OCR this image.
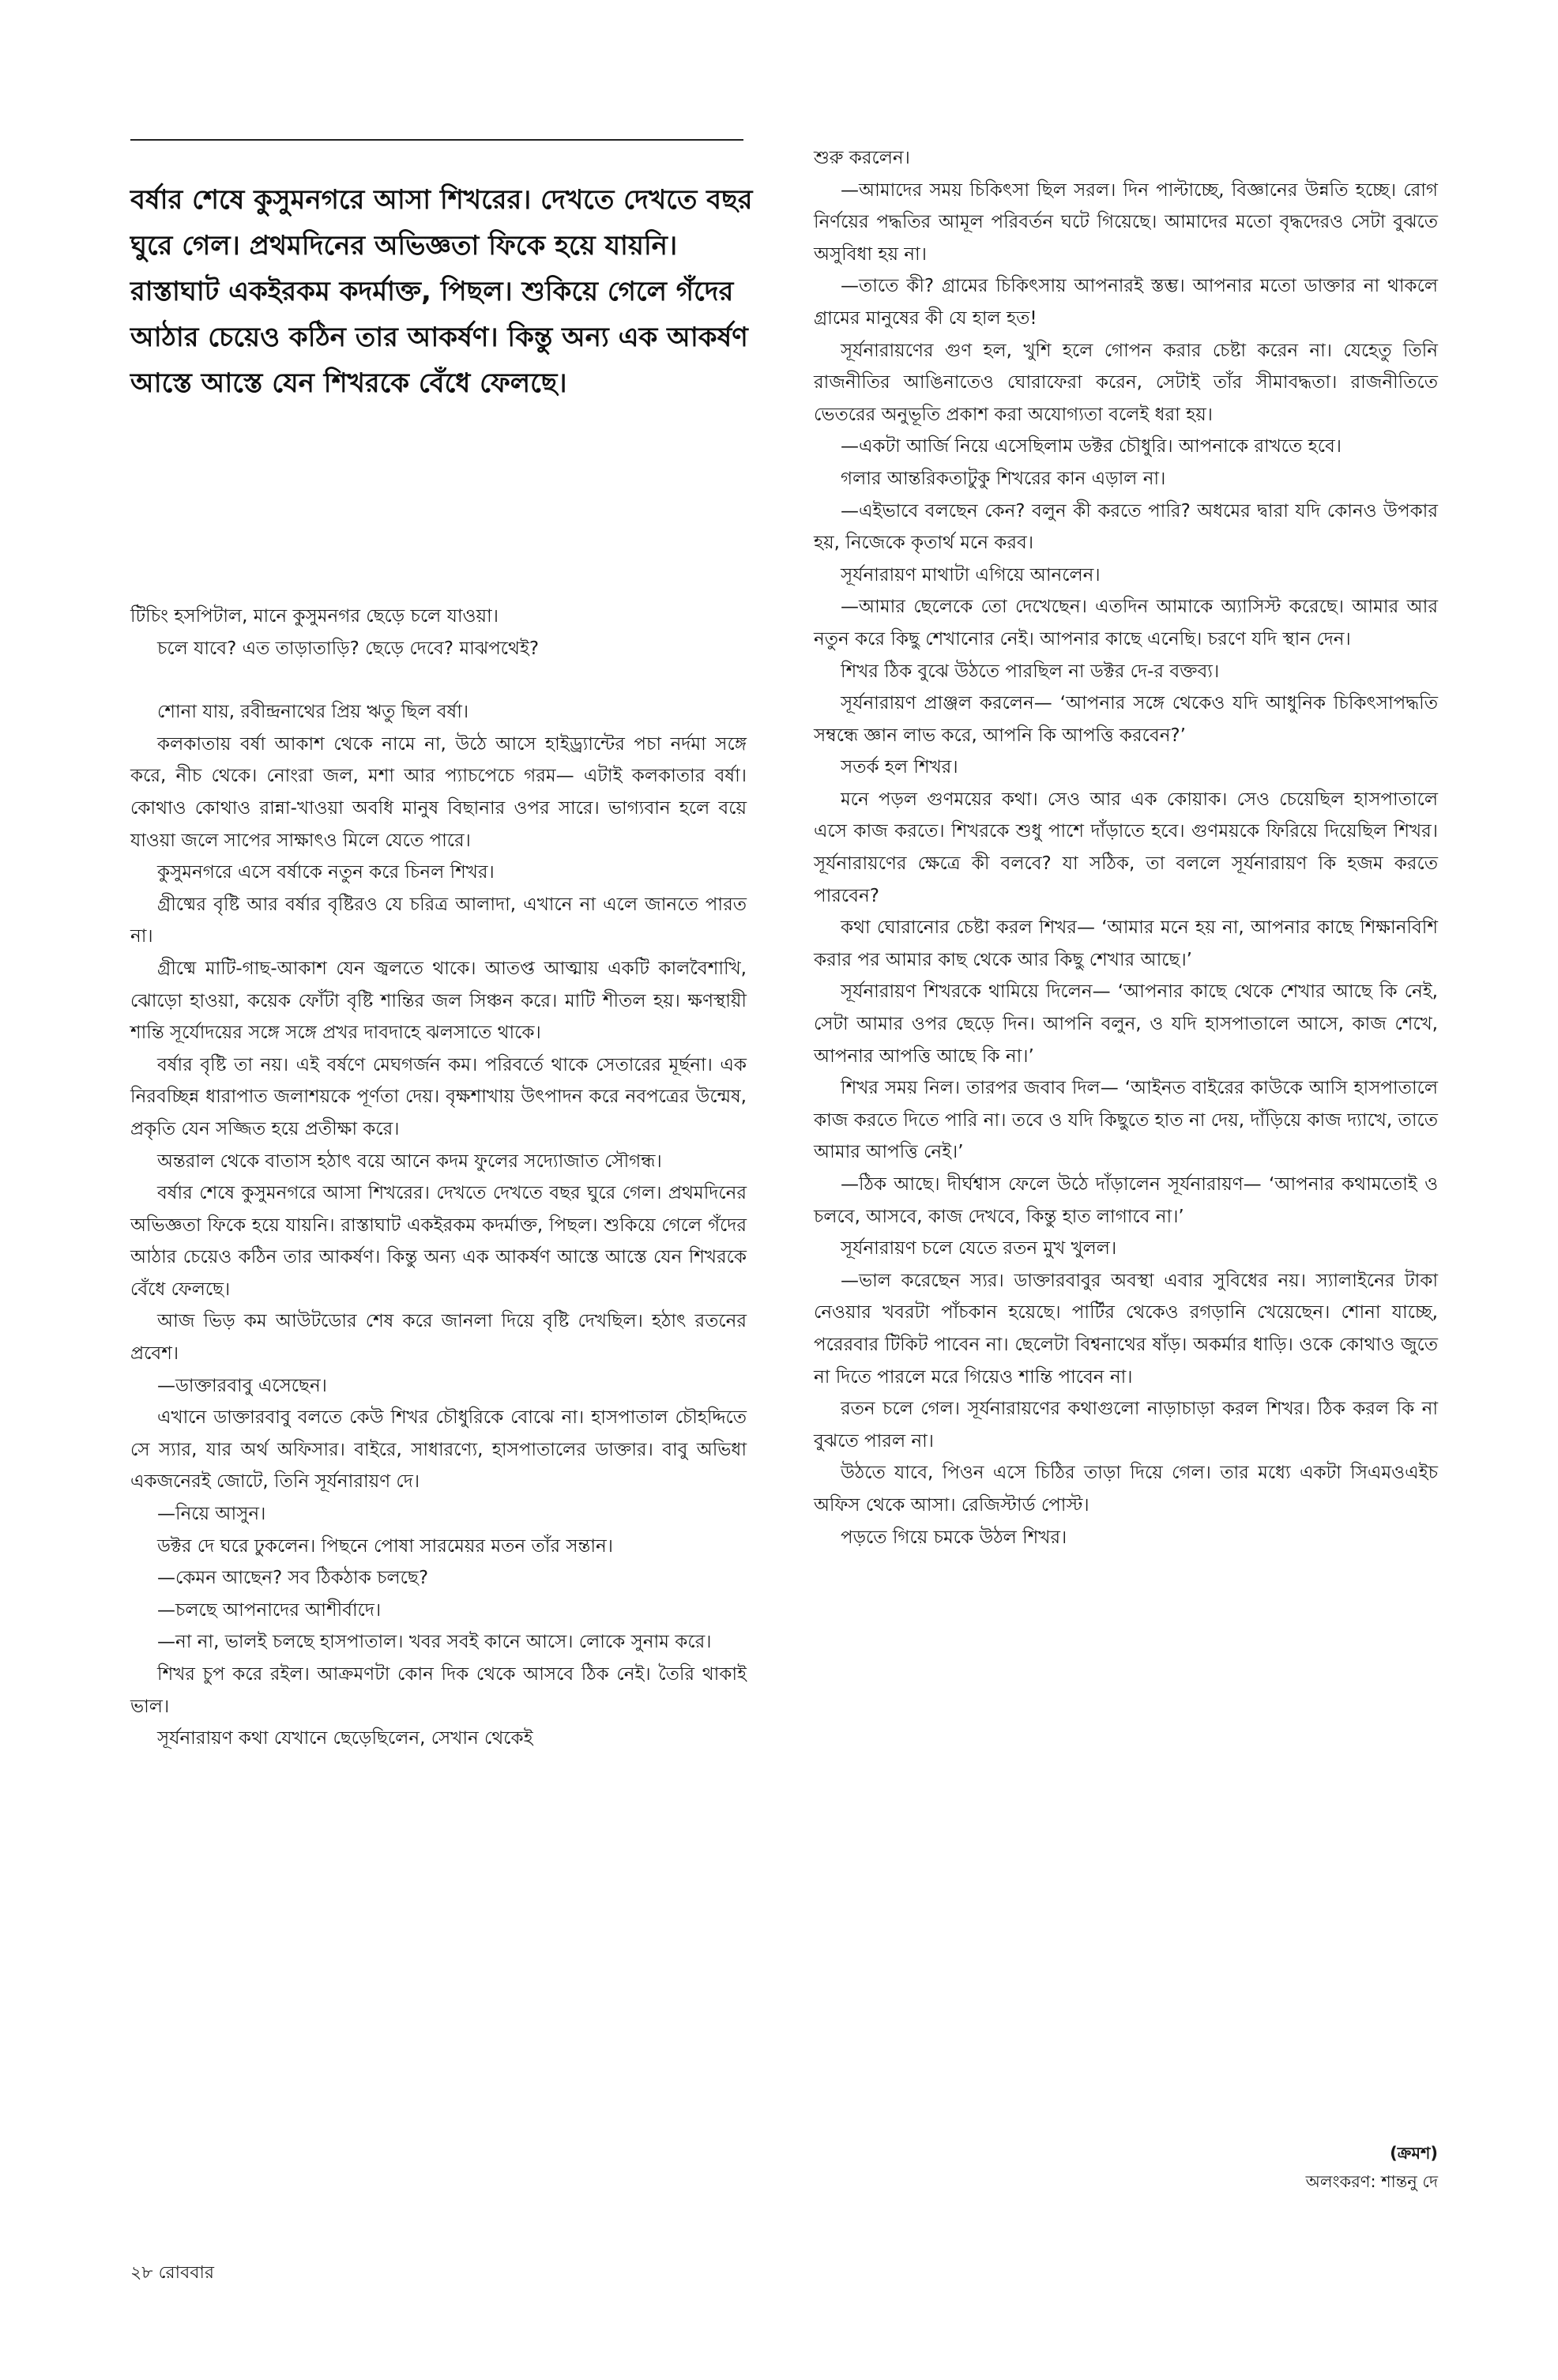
বর্ষার শেষে কুসুমনগরে আসা শিখরের। দেখতে দেখতে বছর ঘুরে গেল। প্রথমদিনের অভিজ্ঞতা ফিকে হয়ে যায়নি। রাস্তাঘাট একইরকম কদর্মাক্ত, পিছল। শুকিয়ে গেলে গঁদের আঠার চেয়েও কঠিন তার আকর্ষণ। কিন্তু অন্য এক আকর্ষণ আস্তে আস্তে যেন শিখরকে বেঁধে ফেলছে।

টিচিং হসপিটাল, মানে কুসুমনগর ছেড়ে চলে যাওয়া।

চলে যাবে? এত তাড়াতাড়ি? ছেড়ে দেবে? মাঝপথেই?

শোনা যায়, রবীন্দ্রনাথের প্রিয় ঋতু ছিল বর্ষা।

কলকাতায় বর্ষা আকাশ থেকে নামে না, উঠে আসে হাইড্র্যান্টের পচা নর্দমা সঙ্গে করে, নীচ থেকে। নোংরা জল, মশা আর প্যাচপেচে গরম— এটাই কলকাতার বর্ষা। কোথাও কোথাও রান্না-খাওয়া অবধি মানুষ বিছানার ওপর সারে। ভাগ্যবান হলে বয়ে যাওয়া জলে সাপের সাক্ষাৎও মিলে যেতে পারে।

কুসুমনগরে এসে বর্ষাকে নতুন করে চিনল শিখর।

গ্রীষ্মের বৃষ্টি আর বর্ষার বৃষ্টিরও যে চরিত্র আলাদা, এখানে না এলে জানতে পারত না।

গ্রীষ্মে মাটি-গাছ-আকাশ যেন জ্বলতে থাকে। আতপ্ত আত্মায় একটি কালবৈশাখি, ঝোড়ো হাওয়া, কয়েক ফোঁটা বৃষ্টি শান্তির জল সিঞ্চন করে। মাটি শীতল হয়। ক্ষণস্থায়ী শান্তি সূর্যোদয়ের সঙ্গে সঙ্গে প্রখর দাবদাহে ঝলসাতে থাকে।

বর্ষার বৃষ্টি তা নয়। এই বর্ষণে মেঘগর্জন কম। পরিবর্তে থাকে সেতারের মূর্ছনা। এক নিরবচ্ছিন্ন ধারাপাত জলাশয়কে পূর্ণতা দেয়। বৃক্ষশাখায় উৎপাদন করে নবপত্রের উন্মেষ, প্রকৃতি যেন সজ্জিত হয়ে প্রতীক্ষা করে।

অন্তরাল থেকে বাতাস হঠাৎ বয়ে আনে কদম ফুলের সদ্যোজাত সৌগন্ধ।

বর্ষার শেষে কুসুমনগরে আসা শিখরের। দেখতে দেখতে বছর ঘুরে গেল। প্রথমদিনের অভিজ্ঞতা ফিকে হয়ে যায়নি। রাস্তাঘাট একইরকম কদর্মাক্ত, পিছল। শুকিয়ে গেলে গঁদের আঠার চেয়েও কঠিন তার আকর্ষণ। কিন্তু অন্য এক আকর্ষণ আস্তে আস্তে যেন শিখরকে বেঁধে ফেলছে।

আজ ভিড় কম আউটডোর শেষ করে জানলা দিয়ে বৃষ্টি দেখছিল। হঠাৎ রতনের প্রবেশ।

—ডাক্তারবাবু এসেছেন।

এখানে ডাক্তারবাবু বলতে কেউ শিখর চৌধুরিকে বোঝে না। হাসপাতাল চৌহদ্দিতে সে স্যার, যার অর্থ অফিসার। বাইরে, সাধারণ্যে, হাসপাতালের ডাক্তার। বাবু অভিধা একজনেরই জোটে, তিনি সূর্যনারায়ণ দে।

—নিয়ে আসুন।

ডক্টর দে ঘরে ঢুকলেন। পিছনে পোষা সারমেয়র মতন তাঁর সন্তান।

—কেমন আছেন? সব ঠিকঠাক চলছে?

—চলছে আপনাদের আশীর্বাদে।

—না না, ভালই চলছে হাসপাতাল। খবর সবই কানে আসে। লোকে সুনাম করে।

শিখর চুপ করে রইল। আক্রমণটা কোন দিক থেকে আসবে ঠিক নেই। তৈরি থাকাই ভাল।

সূর্যনারায়ণ কথা যেখানে ছেড়েছিলেন, সেখান থেকেই

শুরু করলেন।

—আমাদের সময় চিকিৎসা ছিল সরল। দিন পাল্টাচ্ছে, বিজ্ঞানের উন্নতি হচ্ছে। রোগ নির্ণয়ের পদ্ধতির আমূল পরিবর্তন ঘটে গিয়েছে। আমাদের মতো বৃদ্ধদেরও সেটা বুঝতে অসুবিধা হয় না।

—তাতে কী? গ্রামের চিকিৎসায় আপনারই স্তম্ভ। আপনার মতো ডাক্তার না থাকলে গ্রামের মানুষের কী যে হাল হত!

সূর্যনারায়ণের গুণ হল, খুশি হলে গোপন করার চেষ্টা করেন না। যেহেতু তিনি রাজনীতির আঙিনাতেও ঘোরাফেরা করেন, সেটাই তাঁর সীমাবদ্ধতা। রাজনীতিতে ভেতরের অনুভূতি প্রকাশ করা অযোগ্যতা বলেই ধরা হয়।

—একটা আর্জি নিয়ে এসেছিলাম ডক্টর চৌধুরি। আপনাকে রাখতে হবে।

গলার আন্তরিকতাটুকু শিখরের কান এড়াল না।

—এইভাবে বলছেন কেন? বলুন কী করতে পারি? অধমের দ্বারা যদি কোনও উপকার হয়, নিজেকে কৃতার্থ মনে করব।

সূর্যনারায়ণ মাথাটা এগিয়ে আনলেন।

—আমার ছেলেকে তো দেখেছেন। এতদিন আমাকে অ্যাসিস্ট করেছে। আমার আর নতুন করে কিছু শেখানোর নেই। আপনার কাছে এনেছি। চরণে যদি স্থান দেন।

শিখর ঠিক বুঝে উঠতে পারছিল না ডক্টর দে-র বক্তব্য।

সূর্যনারায়ণ প্রাঞ্জল করলেন— ‘আপনার সঙ্গে থেকেও যদি আধুনিক চিকিৎসাপদ্ধতি সম্বন্ধে জ্ঞান লাভ করে, আপনি কি আপত্তি করবেন?’

সতর্ক হল শিখর।

মনে পড়ল গুণময়ের কথা। সেও আর এক কোয়াক। সেও চেয়েছিল হাসপাতালে এসে কাজ করতে। শিখরকে শুধু পাশে দাঁড়াতে হবে। গুণময়কে ফিরিয়ে দিয়েছিল শিখর। সূর্যনারায়ণের ক্ষেত্রে কী বলবে? যা সঠিক, তা বললে সূর্যনারায়ণ কি হজম করতে পারবেন?

কথা ঘোরানোর চেষ্টা করল শিখর— ‘আমার মনে হয় না, আপনার কাছে শিক্ষানবিশি করার পর আমার কাছ থেকে আর কিছু শেখার আছে।’

সূর্যনারায়ণ শিখরকে থামিয়ে দিলেন— ‘আপনার কাছে থেকে শেখার আছে কি নেই, সেটা আমার ওপর ছেড়ে দিন। আপনি বলুন, ও যদি হাসপাতালে আসে, কাজ শেখে, আপনার আপত্তি আছে কি না।’

শিখর সময় নিল। তারপর জবাব দিল— ‘আইনত বাইরের কাউকে আসি হাসপাতালে কাজ করতে দিতে পারি না। তবে ও যদি কিছুতে হাত না দেয়, দাঁড়িয়ে কাজ দ্যাখে, তাতে আমার আপত্তি নেই।’

—ঠিক আছে। দীর্ঘশ্বাস ফেলে উঠে দাঁড়ালেন সূর্যনারায়ণ— ‘আপনার কথামতোই ও চলবে, আসবে, কাজ দেখবে, কিন্তু হাত লাগাবে না।’

সূর্যনারায়ণ চলে যেতে রতন মুখ খুলল।

—ভাল করেছেন স্যর। ডাক্তারবাবুর অবস্থা এবার সুবিধের নয়। স্যালাইনের টাকা নেওয়ার খবরটা পাঁচকান হয়েছে। পার্টির থেকেও রগড়ানি খেয়েছেন। শোনা যাচ্ছে, পরেরবার টিকিট পাবেন না। ছেলেটা বিশ্বনাথের ষাঁড়। অকর্মার ধাড়ি। ওকে কোথাও জুতে না দিতে পারলে মরে গিয়েও শান্তি পাবেন না।

রতন চলে গেল। সূর্যনারায়ণের কথাগুলো নাড়াচাড়া করল শিখর। ঠিক করল কি না বুঝতে পারল না।

উঠতে যাবে, পিওন এসে চিঠির তাড়া দিয়ে গেল। তার মধ্যে একটা সিএমওএইচ অফিস থেকে আসা। রেজিস্টার্ড পোস্ট।

পড়তে গিয়ে চমকে উঠল শিখর।

(ক্রমশ)
অলংকরণ: শান্তনু দে
২৮ রোববার
